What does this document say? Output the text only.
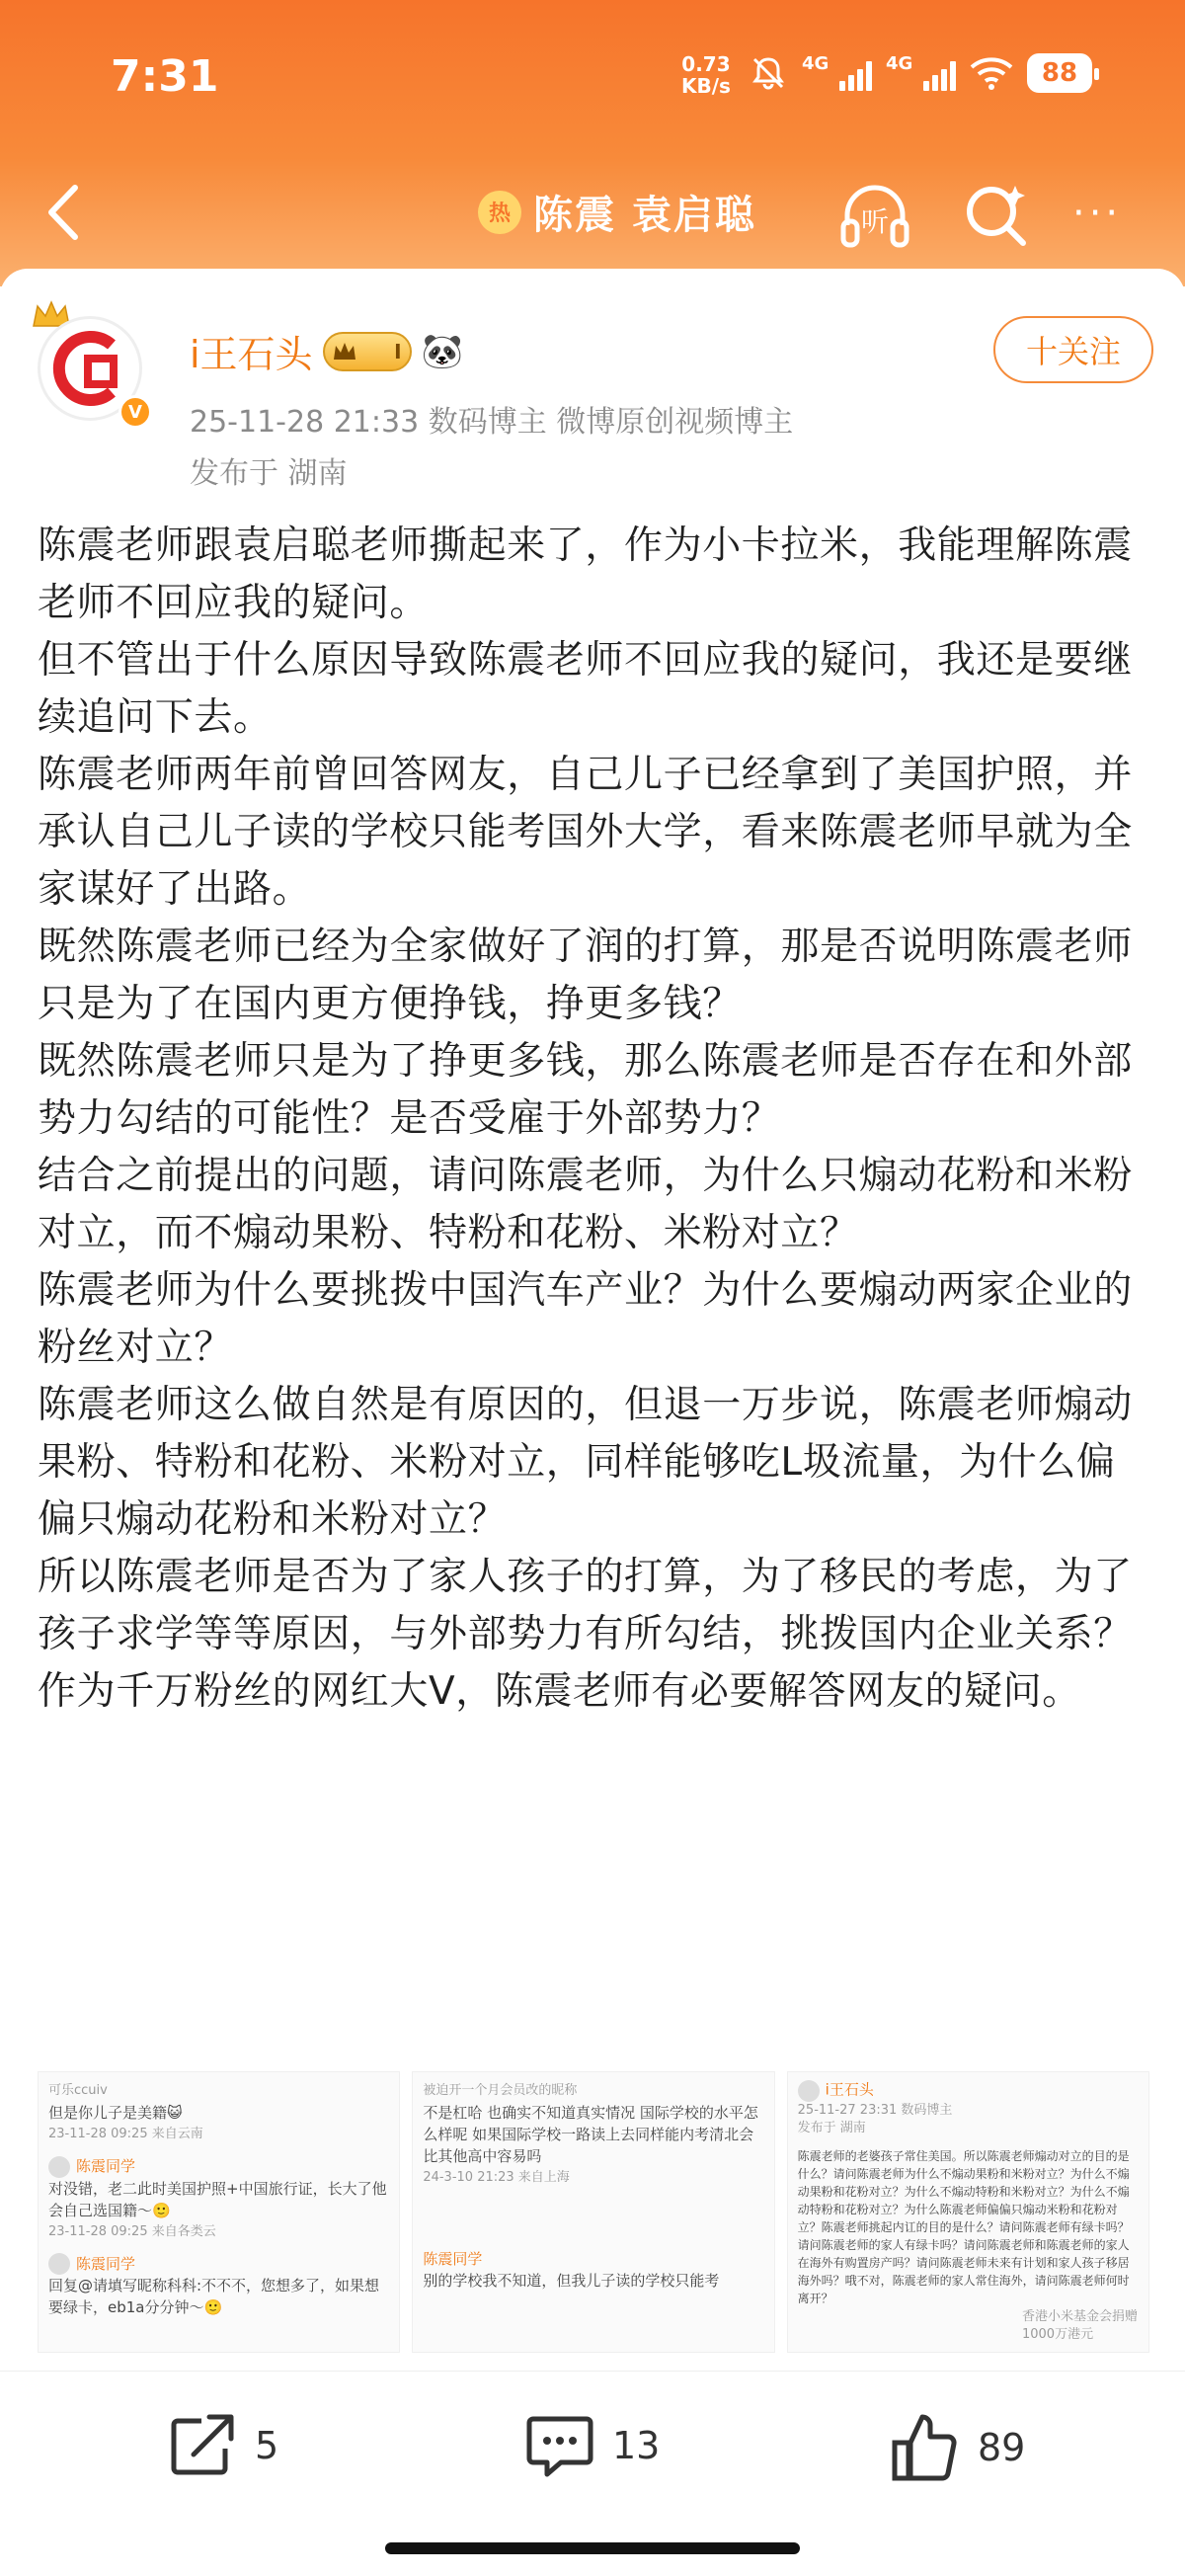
7:31	0.73
KB/s
4G	4G	88
热 陈震 袁启聪	听	···
V
i王石头	I 🐼
25-11-28 21:33 数码博主 微博原创视频博主
发布于 湖南
十关注

陈震老师跟袁启聪老师撕起来了，作为小卡拉米，我能理解陈震老师不回应我的疑问。

但不管出于什么原因导致陈震老师不回应我的疑问，我还是要继续追问下去。

陈震老师两年前曾回答网友，自己儿子已经拿到了美国护照，并承认自己儿子读的学校只能考国外大学，看来陈震老师早就为全家谋好了出路。

既然陈震老师已经为全家做好了润的打算，那是否说明陈震老师只是为了在国内更方便挣钱，挣更多钱？

既然陈震老师只是为了挣更多钱，那么陈震老师是否存在和外部势力勾结的可能性？是否受雇于外部势力？

结合之前提出的问题，请问陈震老师，为什么只煽动花粉和米粉对立，而不煽动果粉、特粉和花粉、米粉对立？

陈震老师为什么要挑拨中国汽车产业？为什么要煽动两家企业的粉丝对立？

陈震老师这么做自然是有原因的，但退一万步说，陈震老师煽动果粉、特粉和花粉、米粉对立，同样能够吃L圾流量，为什么偏偏只煽动花粉和米粉对立？

所以陈震老师是否为了家人孩子的打算，为了移民的考虑，为了孩子求学等等原因，与外部势力有所勾结，挑拨国内企业关系？

作为千万粉丝的网红大V，陈震老师有必要解答网友的疑问。

可乐ccuiv
但是你儿子是美籍😺
23-11-28 09:25 来自云南
陈震同学
对没错，老二此时美国护照+中国旅行证，长大了他会自己选国籍～🙂
23-11-28 09:25 来自各类云
陈震同学
回复@请填写昵称科科:不不不，您想多了，如果想要绿卡，eb1a分分钟～🙂
被迫开一个月会员改的昵称
不是杠哈 也确实不知道真实情况 国际学校的水平怎么样呢 如果国际学校一路读上去同样能内考清北会比其他高中容易吗
24-3-10 21:23 来自上海
陈震同学
别的学校我不知道，但我儿子读的学校只能考
i王石头
25-11-27 23:31 数码博主
发布于 湖南
陈震老师的老婆孩子常住美国。所以陈震老师煽动对立的目的是什么？请问陈震老师为什么不煽动果粉和米粉对立？为什么不煽动果粉和花粉对立？为什么不煽动特粉和米粉对立？为什么不煽动特粉和花粉对立？为什么陈震老师偏偏只煽动米粉和花粉对立？陈震老师挑起内讧的目的是什么？请问陈震老师有绿卡吗？请问陈震老师的家人有绿卡吗？请问陈震老师和陈震老师的家人在海外有购置房产吗？请问陈震老师未来有计划和家人孩子移居海外吗？哦不对，陈震老师的家人常住海外，请问陈震老师何时离开？
香港小米基金会捐赠1000万港元
5	13	89
